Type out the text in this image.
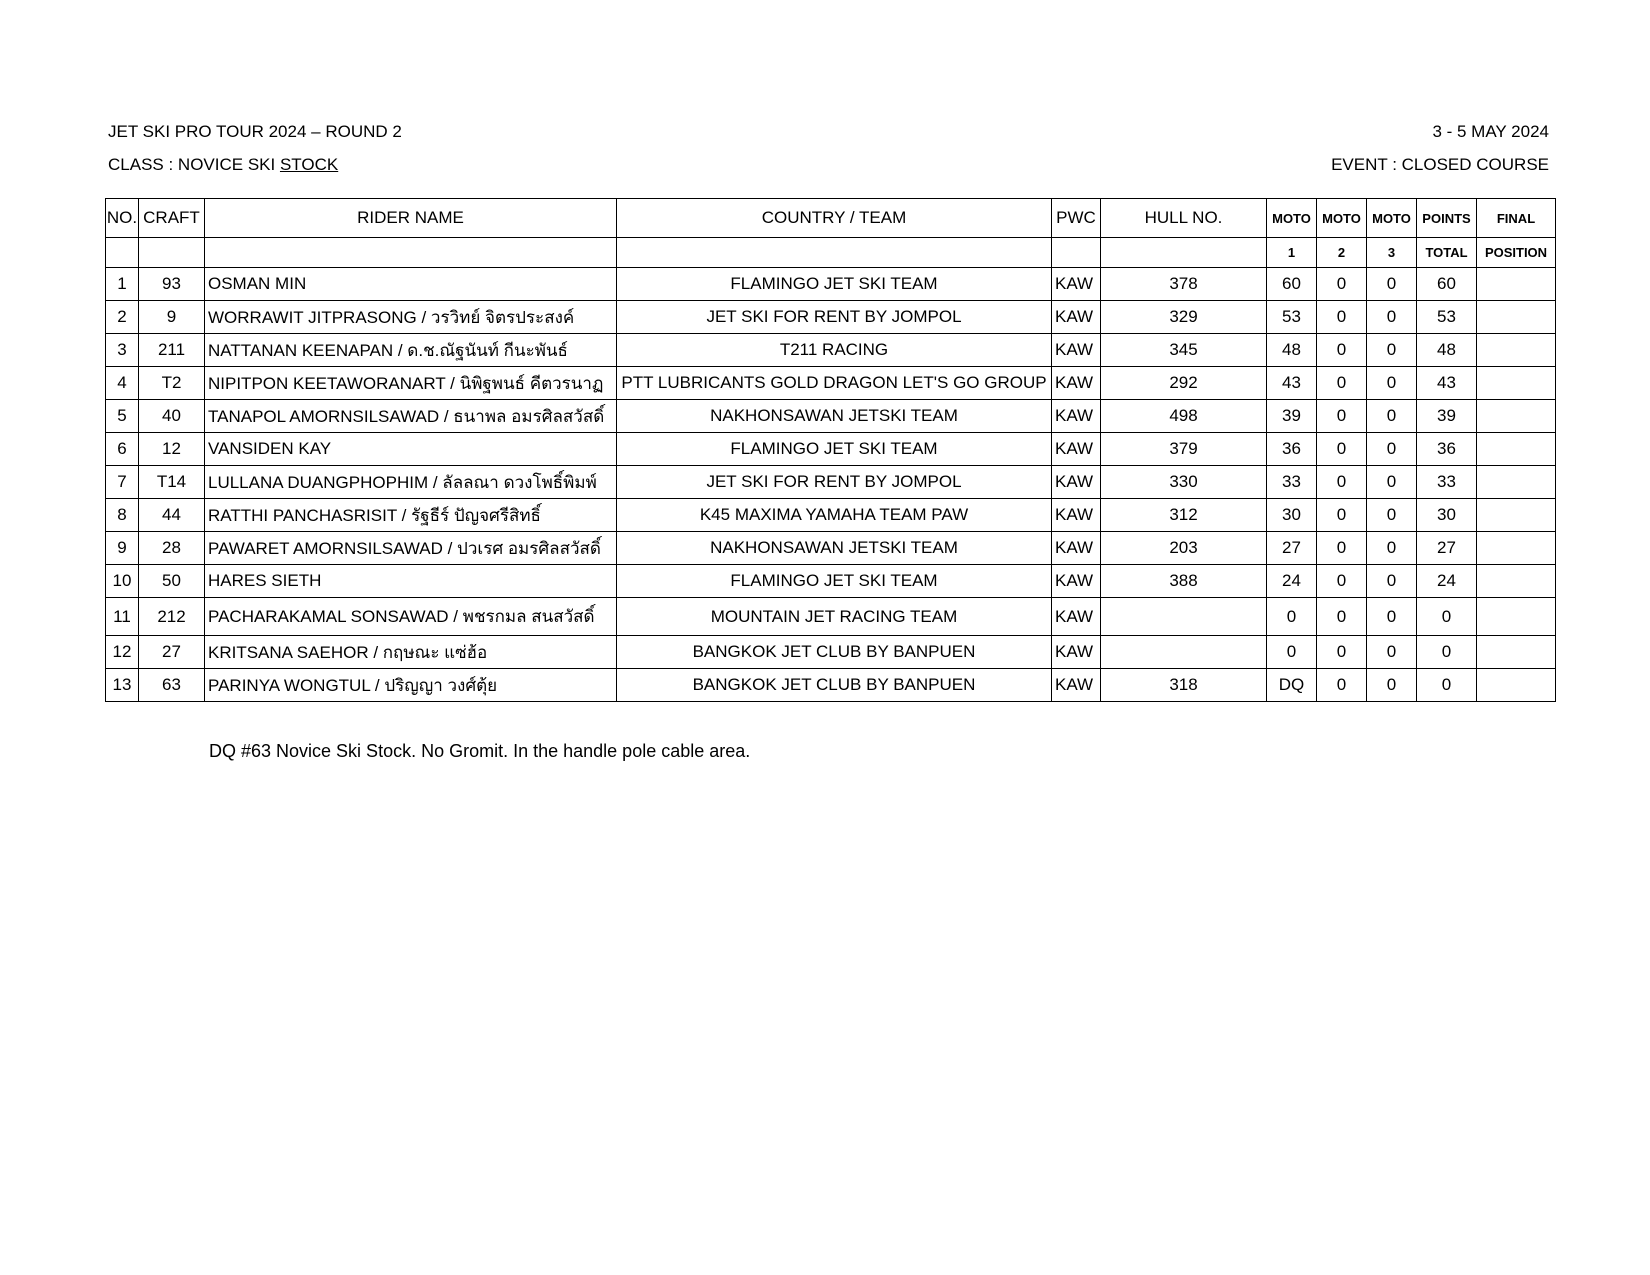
JET SKI PRO TOUR 2024 – ROUND 2	3 - 5 MAY 2024
CLASS : NOVICE SKI STOCK	EVENT : CLOSED COURSE
NO.	CRAFT	RIDER NAME	COUNTRY / TEAM	PWC	HULL NO.	MOTO	MOTO	MOTO	POINTS	FINAL
						1	2	3	TOTAL	POSITION
1	93	OSMAN MIN	FLAMINGO JET SKI TEAM	KAW	378	60	0	0	60	
2	9	WORRAWIT JITPRASONG / วรวิทย์ จิตรประสงค์	JET SKI FOR RENT BY JOMPOL	KAW	329	53	0	0	53	
3	211	NATTANAN KEENAPAN / ด.ช.ณัฐนันท์ กีนะพันธ์	T211 RACING	KAW	345	48	0	0	48	
4	T2	NIPITPON KEETAWORANART / นิพิฐพนธ์ คีตวรนาฏ	PTT LUBRICANTS GOLD DRAGON LET'S GO GROUP	KAW	292	43	0	0	43	
5	40	TANAPOL AMORNSILSAWAD / ธนาพล อมรศิลสวัสดิ์	NAKHONSAWAN JETSKI TEAM	KAW	498	39	0	0	39	
6	12	VANSIDEN KAY	FLAMINGO JET SKI TEAM	KAW	379	36	0	0	36	
7	T14	LULLANA DUANGPHOPHIM / ลัลลณา ดวงโพธิ์พิมพ์	JET SKI FOR RENT BY JOMPOL	KAW	330	33	0	0	33	
8	44	RATTHI PANCHASRISIT / รัฐธีร์ ปัญจศรีสิทธิ์	K45 MAXIMA YAMAHA TEAM PAW	KAW	312	30	0	0	30	
9	28	PAWARET AMORNSILSAWAD / ปวเรศ อมรศิลสวัสดิ์	NAKHONSAWAN JETSKI TEAM	KAW	203	27	0	0	27	
10	50	HARES SIETH	FLAMINGO JET SKI TEAM	KAW	388	24	0	0	24	
11	212	PACHARAKAMAL SONSAWAD / พชรกมล สนสวัสดิ์	MOUNTAIN JET RACING TEAM	KAW		0	0	0	0	
12	27	KRITSANA SAEHOR / กฤษณะ แซ่ฮ้อ	BANGKOK JET CLUB BY BANPUEN	KAW		0	0	0	0	
13	63	PARINYA WONGTUL / ปริญญา วงศ์ตุ้ย	BANGKOK JET CLUB BY BANPUEN	KAW	318	DQ	0	0	0	
DQ #63 Novice Ski Stock. No Gromit. In the handle pole cable area.
